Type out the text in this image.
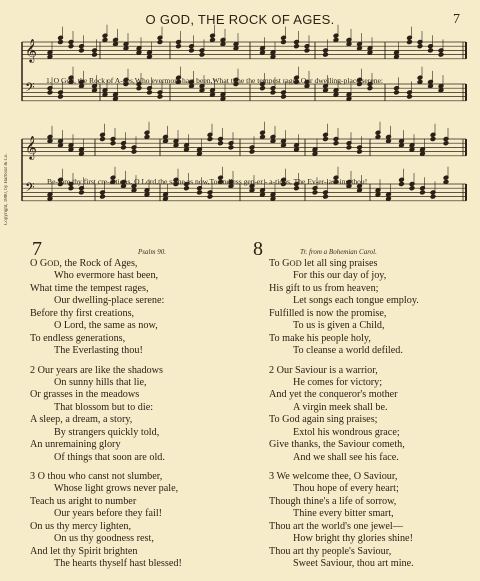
O GOD, THE ROCK OF AGES.	7
Copyright, 1880, by Harbour & Co.
𝄞
𝄢
𝄞
𝄢
1. O God, the Rock of A-ges,Who evermore hast been,What time the tempest rages,Our dwelling-place serene:
Be-fore thy first cre-a-tions, O Lord,the same as now,To endless gen-er - a-tions, The Ev-er-last-ing thou!
7	Psalm 90.	8	Tr. from a Bohemian Carol.
O GOD, the Rock of Ages,
Who evermore hast been,
What time the tempest rages,
Our dwelling-place serene:
Before thy first creations,
O Lord, the same as now,
To endless generations,
The Everlasting thou!
2 Our years are like the shadows
On sunny hills that lie,
Or grasses in the meadows
That blossom but to die:
A sleep, a dream, a story,
By strangers quickly told,
An unremaining glory
Of things that soon are old.
3 O thou who canst not slumber,
Whose light grows never pale,
Teach us aright to number
Our years before they fail!
On us thy mercy lighten,
On us thy goodness rest,
And let thy Spirit brighten
The hearts thyself hast blessed!
To GOD let all sing praises
For this our day of joy,
His gift to us from heaven;
Let songs each tongue employ.
Fulfilled is now the promise,
To us is given a Child,
To make his people holy,
To cleanse a world defiled.
2 Our Saviour is a warrior,
He comes for victory;
And yet the conqueror's mother
A virgin meek shall be.
To God again sing praises;
Extol his wondrous grace;
Give thanks, the Saviour cometh,
And we shall see his face.
3 We welcome thee, O Saviour,
Thou hope of every heart;
Though thine's a life of sorrow,
Thine every bitter smart,
Thou art the world's one jewel—
How bright thy glories shine!
Thou art thy people's Saviour,
Sweet Saviour, thou art mine.
